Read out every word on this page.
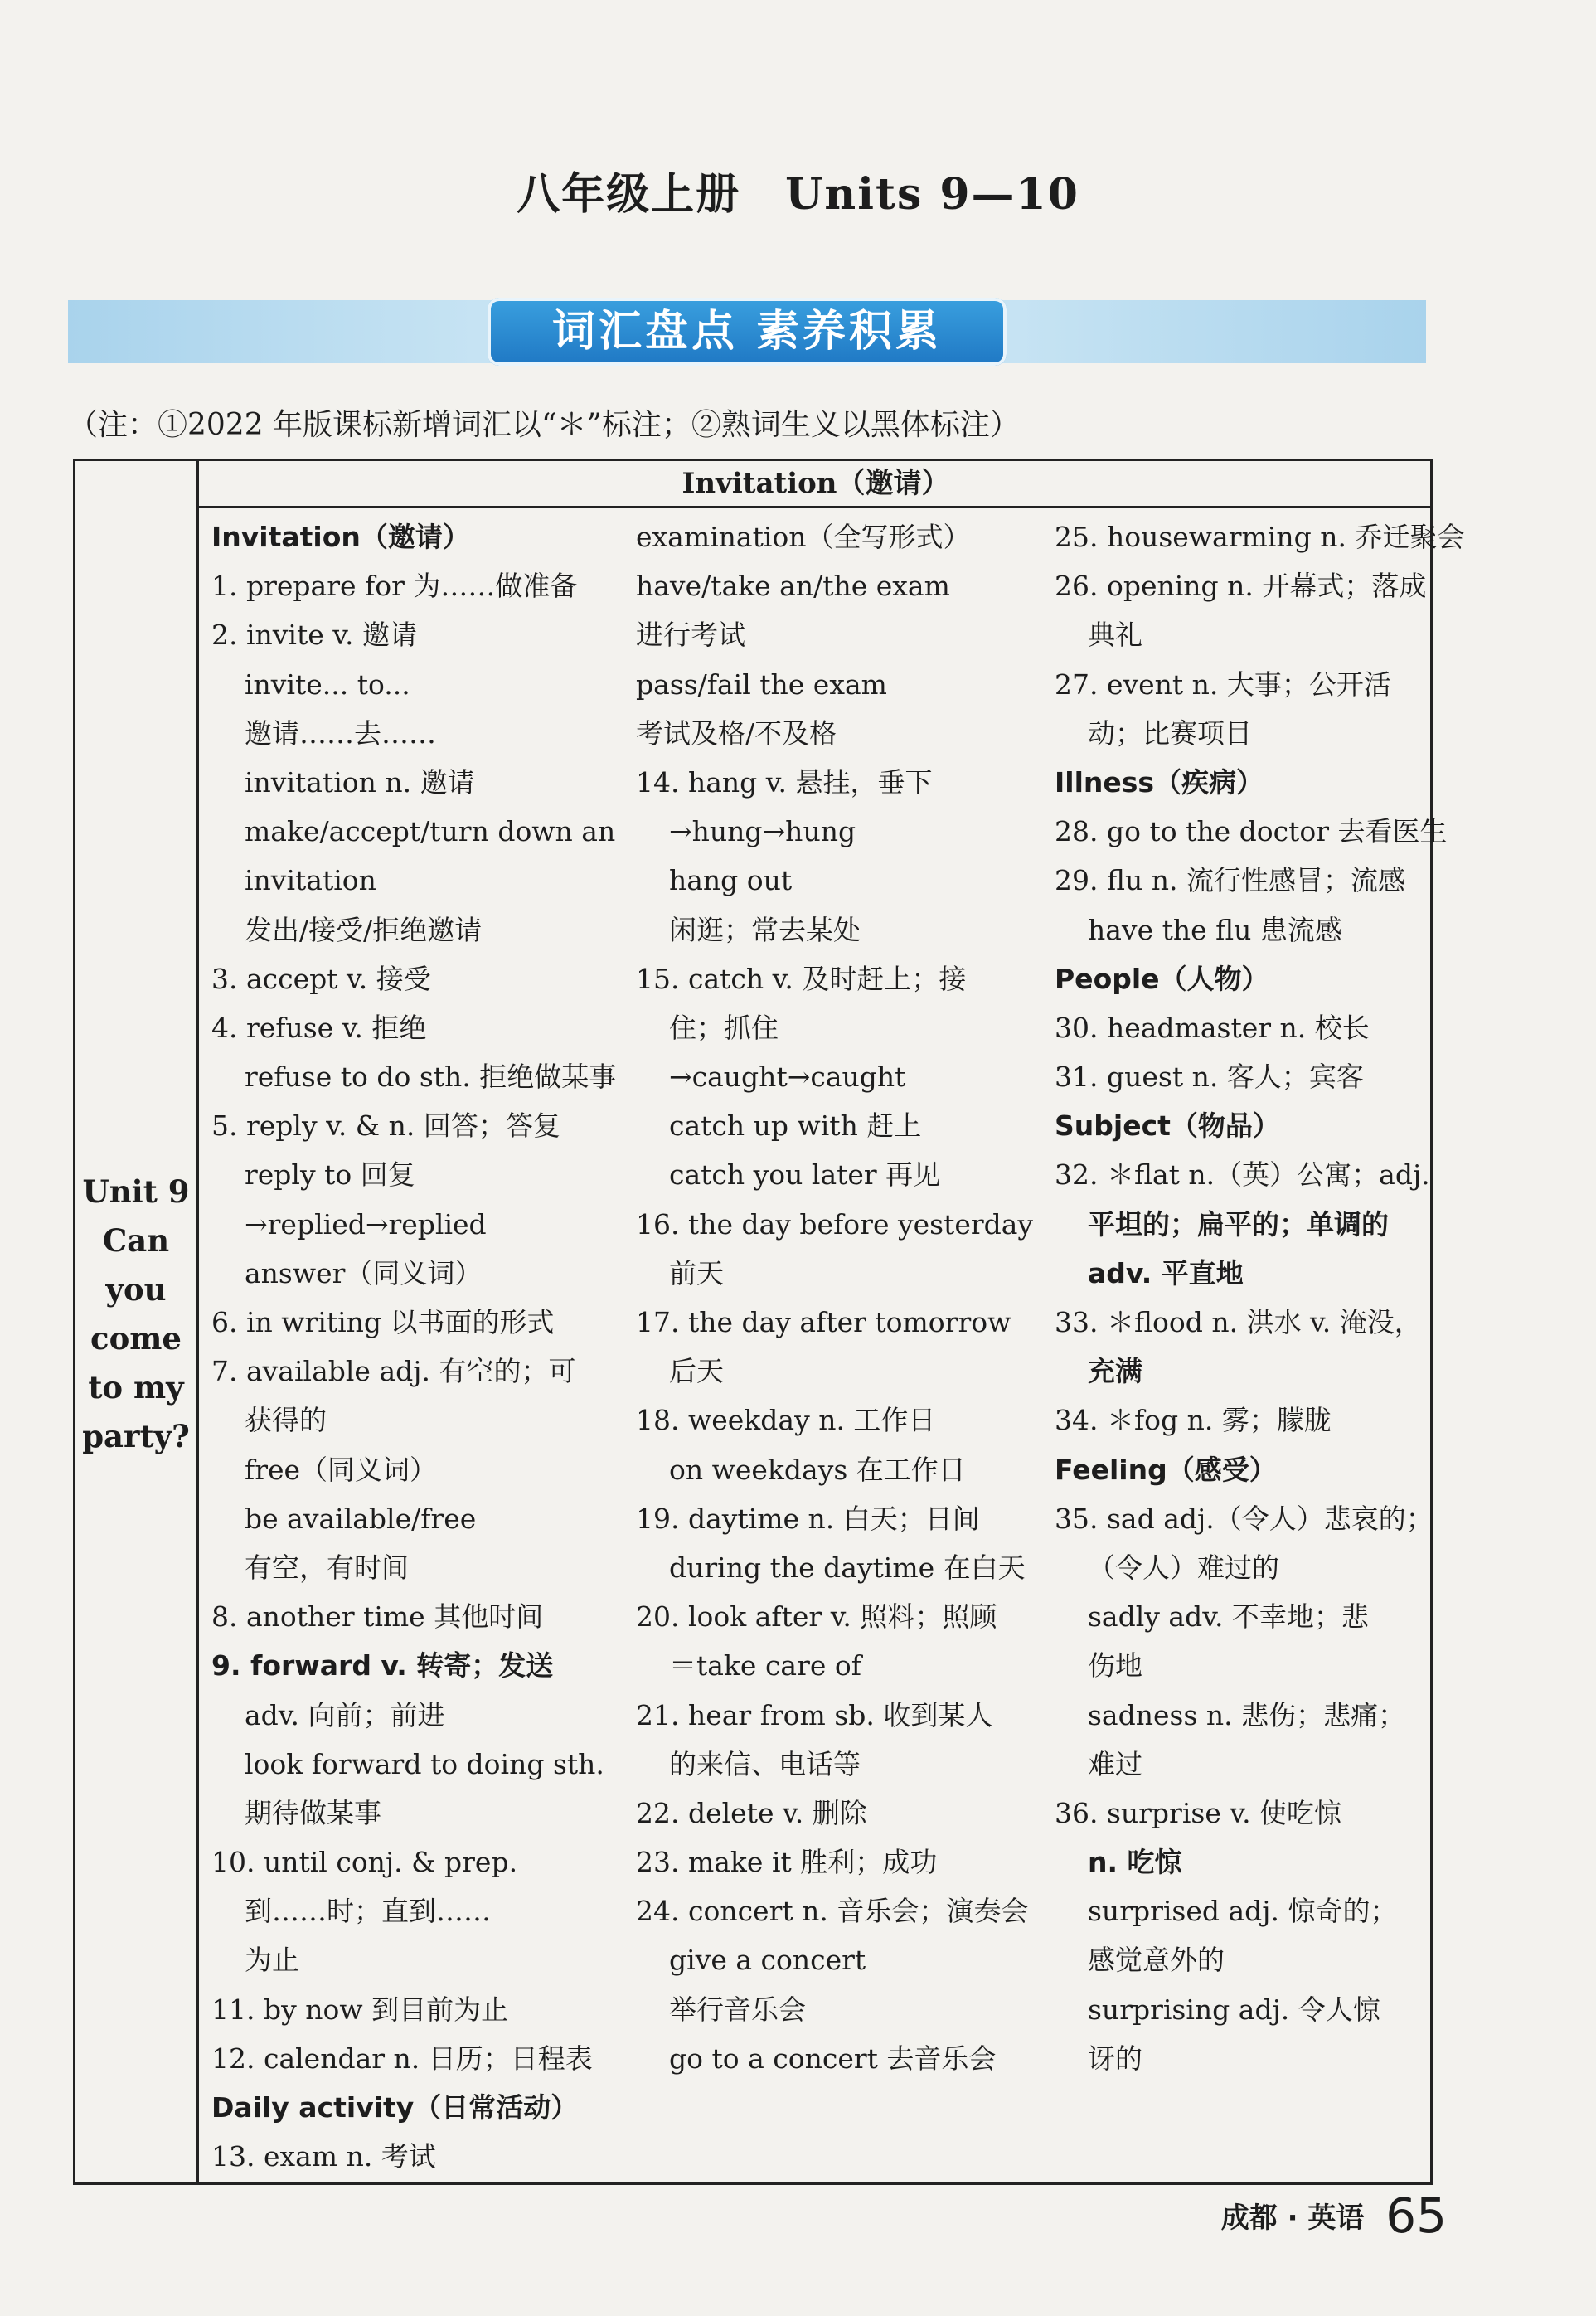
八年级上册　Units 9—10
词汇盘点 素养积累
（注：①2022 年版课标新增词汇以“＊”标注；②熟词生义以黑体标注）
Unit 9
Can
you
come
to my
party?
Invitation（邀请）
Invitation（邀请）
1. prepare for 为……做准备
2. invite v. 邀请
invite... to...
邀请……去……
invitation n. 邀请
make/accept/turn down an
invitation
发出/接受/拒绝邀请
3. accept v. 接受
4. refuse v. 拒绝
refuse to do sth. 拒绝做某事
5. reply v. & n. 回答；答复
reply to 回复
→replied→replied
answer（同义词）
6. in writing 以书面的形式
7. available adj. 有空的；可
获得的
free（同义词）
be available/free
有空，有时间
8. another time 其他时间
9. forward v. 转寄；发送
adv. 向前；前进
look forward to doing sth.
期待做某事
10. until conj. & prep.
到……时；直到……
为止
11. by now 到目前为止
12. calendar n. 日历；日程表
Daily activity（日常活动）
13. exam n. 考试
examination（全写形式）
have/take an/the exam
进行考试
pass/fail the exam
考试及格/不及格
14. hang v. 悬挂，垂下
→hung→hung
hang out
闲逛；常去某处
15. catch v. 及时赶上；接
住；抓住
→caught→caught
catch up with 赶上
catch you later 再见
16. the day before yesterday
前天
17. the day after tomorrow
后天
18. weekday n. 工作日
on weekdays 在工作日
19. daytime n. 白天；日间
during the daytime 在白天
20. look after v. 照料；照顾
＝take care of
21. hear from sb. 收到某人
的来信、电话等
22. delete v. 删除
23. make it 胜利；成功
24. concert n. 音乐会；演奏会
give a concert
举行音乐会
go to a concert 去音乐会
25. housewarming n. 乔迁聚会
26. opening n. 开幕式；落成
典礼
27. event n. 大事；公开活
动；比赛项目
Illness（疾病）
28. go to the doctor 去看医生
29. flu n. 流行性感冒；流感
have the flu 患流感
People（人物）
30. headmaster n. 校长
31. guest n. 客人；宾客
Subject（物品）
32. ＊flat n.（英）公寓；adj.
平坦的；扁平的；单调的
adv. 平直地
33. ＊flood n. 洪水 v. 淹没，
充满
34. ＊fog n. 雾；朦胧
Feeling（感受）
35. sad adj.（令人）悲哀的；
（令人）难过的
sadly adv. 不幸地；悲
伤地
sadness n. 悲伤；悲痛；
难过
36. surprise v. 使吃惊
n. 吃惊
surprised adj. 惊奇的；
感觉意外的
surprising adj. 令人惊
讶的
成都 · 英语 65
